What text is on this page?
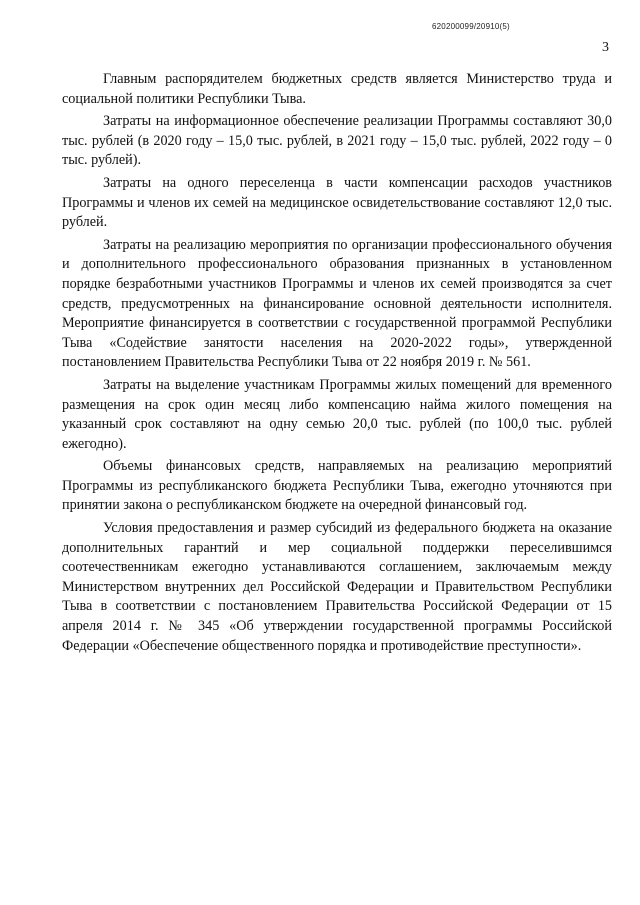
620200099/20910(5)
3

Главным распорядителем бюджетных средств является Министерство труда и социальной политики Республики Тыва.

Затраты на информационное обеспечение реализации Программы составляют 30,0 тыс. рублей (в 2020 году – 15,0 тыс. рублей, в 2021 году – 15,0 тыс. рублей, 2022 году – 0 тыс. рублей).

Затраты на одного переселенца в части компенсации расходов участников Программы и членов их семей на медицинское освидетельствование составляют 12,0 тыс. рублей.

Затраты на реализацию мероприятия по организации профессионального обучения и дополнительного профессионального образования признанных в установленном порядке безработными участников Программы и членов их семей производятся за счет средств, предусмотренных на финансирование основной деятельности исполнителя. Мероприятие финансируется в соответствии с государственной программой Республики Тыва «Содействие занятости населения на 2020-2022 годы», утвержденной постановлением Правительства Республики Тыва от 22 ноября 2019 г. № 561.

Затраты на выделение участникам Программы жилых помещений для временного размещения на срок один месяц либо компенсацию найма жилого помещения на указанный срок составляют на одну семью 20,0 тыс. рублей (по 100,0 тыс. рублей ежегодно).

Объемы финансовых средств, направляемых на реализацию мероприятий Программы из республиканского бюджета Республики Тыва, ежегодно уточняются при принятии закона о республиканском бюджете на очередной финансовый год.

Условия предоставления и размер субсидий из федерального бюджета на оказание дополнительных гарантий и мер социальной поддержки переселившимся соотечественникам ежегодно устанавливаются соглашением, заключаемым между Министерством внутренних дел Российской Федерации и Правительством Республики Тыва в соответствии с постановлением Правительства Российской Федерации от 15 апреля 2014 г. № 345 «Об утверждении государственной программы Российской Федерации «Обеспечение общественного порядка и противодействие преступности».
